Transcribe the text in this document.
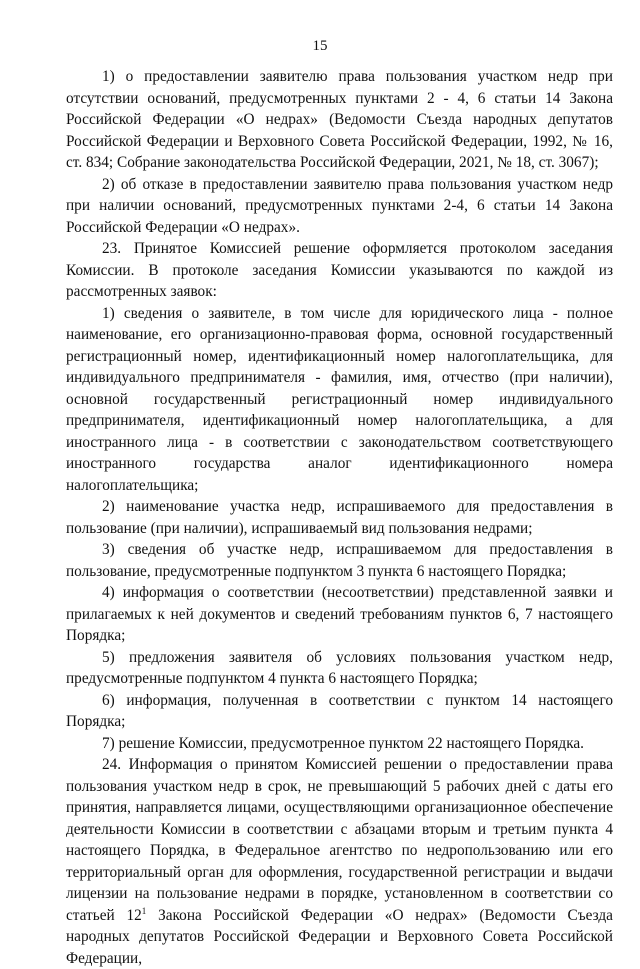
15

1) о предоставлении заявителю права пользования участком недр при отсутствии оснований, предусмотренных пунктами 2 - 4, 6 статьи 14 Закона Российской Федерации «О недрах» (Ведомости Съезда народных депутатов Российской Федерации и Верховного Совета Российской Федерации, 1992, № 16, ст. 834; Собрание законодательства Российской Федерации, 2021, № 18, ст. 3067);

2) об отказе в предоставлении заявителю права пользования участком недр при наличии оснований, предусмотренных пунктами 2-4, 6 статьи 14 Закона Российской Федерации «О недрах».

23. Принятое Комиссией решение оформляется протоколом заседания Комиссии. В протоколе заседания Комиссии указываются по каждой из рассмотренных заявок:

1) сведения о заявителе, в том числе для юридического лица - полное наименование, его организационно-правовая форма, основной государственный регистрационный номер, идентификационный номер налогоплательщика, для индивидуального предпринимателя - фамилия, имя, отчество (при наличии), основной государственный регистрационный номер индивидуального предпринимателя, идентификационный номер налогоплательщика, а для иностранного лица - в соответствии с законодательством соответствующего иностранного государства аналог идентификационного номера налогоплательщика;

2) наименование участка недр, испрашиваемого для предоставления в пользование (при наличии), испрашиваемый вид пользования недрами;

3) сведения об участке недр, испрашиваемом для предоставления в пользование, предусмотренные подпунктом 3 пункта 6 настоящего Порядка;

4) информация о соответствии (несоответствии) представленной заявки и прилагаемых к ней документов и сведений требованиям пунктов 6, 7 настоящего Порядка;

5) предложения заявителя об условиях пользования участком недр, предусмотренные подпунктом 4 пункта 6 настоящего Порядка;

6) информация, полученная в соответствии с пунктом 14 настоящего Порядка;

7) решение Комиссии, предусмотренное пунктом 22 настоящего Порядка.

24. Информация о принятом Комиссией решении о предоставлении права пользования участком недр в срок, не превышающий 5 рабочих дней с даты его принятия, направляется лицами, осуществляющими организационное обеспечение деятельности Комиссии в соответствии с абзацами вторым и третьим пункта 4 настоящего Порядка, в Федеральное агентство по недропользованию или его территориальный орган для оформления, государственной регистрации и выдачи лицензии на пользование недрами в порядке, установленном в соответствии со статьей $12^1$ Закона Российской Федерации «О недрах» (Ведомости Съезда народных депутатов Российской Федерации и Верховного Совета Российской Федерации,
